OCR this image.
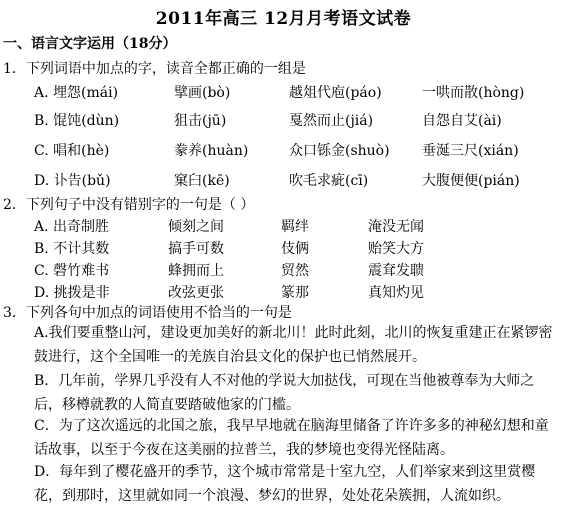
2011年高三 12月月考语文试卷
一、语言文字运用（18分）
1．下列词语中加点的字，读音全都正确的一组是
A. 埋怨(mái)	擘画(bò)	越俎代庖(páo)	一哄而散(hòng)
B. 馄饨(dùn)	狙击(jū)	戛然而止(jiá)	自怨自艾(ài)
C. 唱和(hè)	豢养(huàn)	众口铄金(shuò) 垂涎三尺(xián)
D. 讣告(bǔ)	窠臼(kē)	吹毛求疵(cī)	大腹便便(pián)
2．下列句子中没有错别字的一句是（ ）
A. 出奇制胜	倾刻之间	羁绊	淹没无闻
B. 不计其数	搞手可数	伎俩	贻笑大方
C. 磬竹难书	蜂拥而上	贸然	震耷发聩
D. 挑拨是非	改弦更张	篆那	真知灼见
3．下列各句中加点的词语使用不恰当的一句是
A.我们要重整山河，建设更加美好的新北川！此时此刻，北川的恢复重建正在紧锣密鼓进行，这个全国唯一的羌族自治县文化的保护也已悄然展开。
B．几年前，学界几乎没有人不对他的学说大加挞伐，可现在当他被尊奉为大师之后，移樽就教的人简直要踏破他家的门槛。
C．为了这次遥远的北国之旅，我早早地就在脑海里储备了许许多多的神秘幻想和童话故事，以至于今夜在这美丽的拉普兰，我的梦境也变得光怪陆离。
D．每年到了樱花盛开的季节，这个城市常常是十室九空，人们举家来到这里赏樱花，到那时，这里就如同一个浪漫、梦幻的世界，处处花朵簇拥，人流如织。
